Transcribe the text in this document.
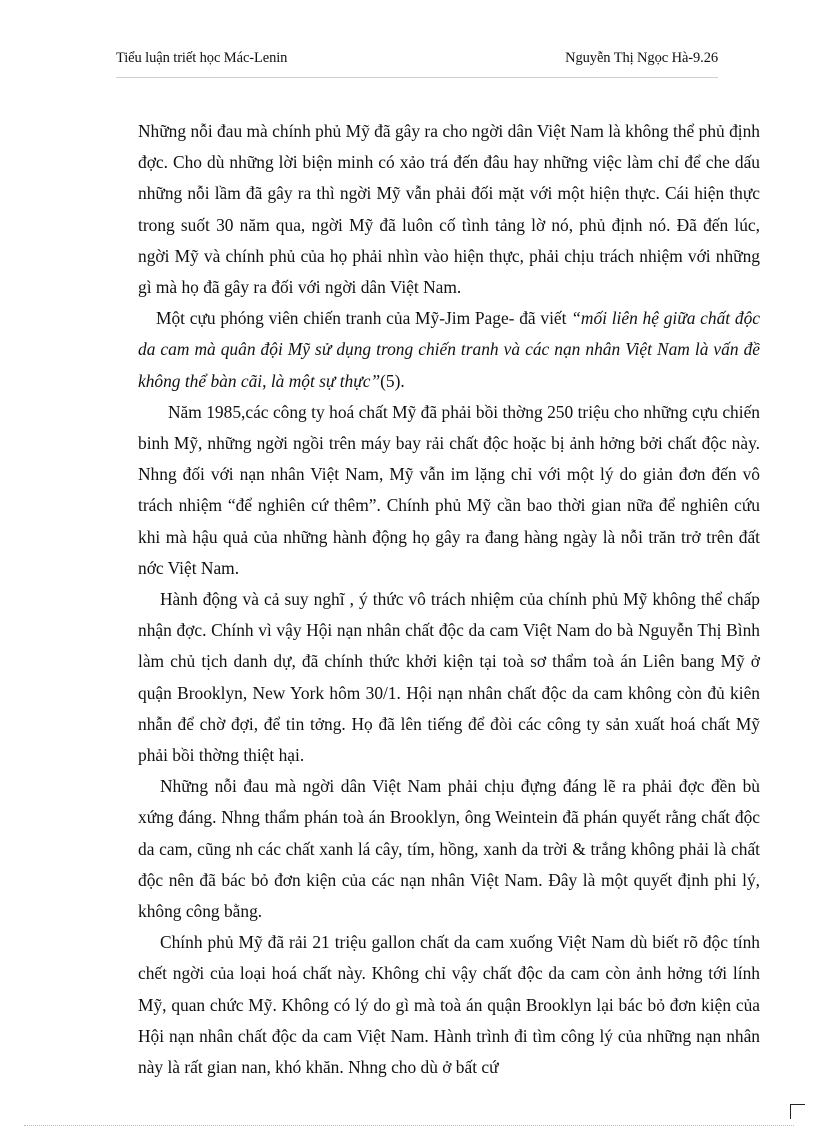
Tiểu luận triết học Mác-Lenin	Nguyễn Thị Ngọc Hà-9.26

Những nỗi đau mà chính phủ Mỹ đã gây ra cho ngời dân Việt Nam là không thể phủ định đợc. Cho dù những lời biện minh có xảo trá đến đâu hay những việc làm chỉ để che dấu những nỗi lầm đã gây ra thì ngời Mỹ vẫn phải đối mặt với một hiện thực. Cái hiện thực trong suốt 30 năm qua, ngời Mỹ đã luôn cố tình tảng lờ nó, phủ định nó. Đã đến lúc, ngời Mỹ và chính phủ của họ phải nhìn vào hiện thực, phải chịu trách nhiệm với những gì mà họ đã gây ra đối với ngời dân Việt Nam.

Một cựu phóng viên chiến tranh của Mỹ-Jim Page- đã viết “mối liên hệ giữa chất độc da cam mà quân đội Mỹ sử dụng trong chiến tranh và các nạn nhân Việt Nam là vấn đề không thể bàn cãi, là một sự thực”(5).

Năm 1985,các công ty hoá chất Mỹ đã phải bồi thờng 250 triệu cho những cựu chiến binh Mỹ, những ngời ngồi trên máy bay rải chất độc hoặc bị ảnh hởng bởi chất độc này. Nhng đối với nạn nhân Việt Nam, Mỹ vẫn im lặng chỉ với một lý do giản đơn đến vô trách nhiệm “để nghiên cứ thêm”. Chính phủ Mỹ cần bao thời gian nữa để nghiên cứu khi mà hậu quả của những hành động họ gây ra đang hàng ngày là nỗi trăn trở trên đất nớc Việt Nam.

Hành động và cả suy nghĩ , ý thức vô trách nhiệm của chính phủ Mỹ không thể chấp nhận đợc. Chính vì vậy Hội nạn nhân chất độc da cam Việt Nam do bà Nguyễn Thị Bình làm chủ tịch danh dự, đã chính thức khởi kiện tại toà sơ thẩm toà án Liên bang Mỹ ở quận Brooklyn, New York hôm 30/1. Hội nạn nhân chất độc da cam không còn đủ kiên nhẫn để chờ đợi, để tin tởng. Họ đã lên tiếng để đòi các công ty sản xuất hoá chất Mỹ phải bồi thờng thiệt hại.

Những nỗi đau mà ngời dân Việt Nam phải chịu đựng đáng lẽ ra phải đợc đền bù xứng đáng. Nhng thẩm phán toà án Brooklyn, ông Weintein đã phán quyết rằng chất độc da cam, cũng nh các chất xanh lá cây, tím, hồng, xanh da trời & trắng không phải là chất độc nên đã bác bỏ đơn kiện của các nạn nhân Việt Nam. Đây là một quyết định phi lý, không công bằng.

Chính phủ Mỹ đã rải 21 triệu gallon chất da cam xuống Việt Nam dù biết rõ độc tính chết ngời của loại hoá chất này. Không chỉ vậy chất độc da cam còn ảnh hởng tới lính Mỹ, quan chức Mỹ. Không có lý do gì mà toà án quận Brooklyn lại bác bỏ đơn kiện của Hội nạn nhân chất độc da cam Việt Nam. Hành trình đi tìm công lý của những nạn nhân này là rất gian nan, khó khăn. Nhng cho dù ở bất cứ
